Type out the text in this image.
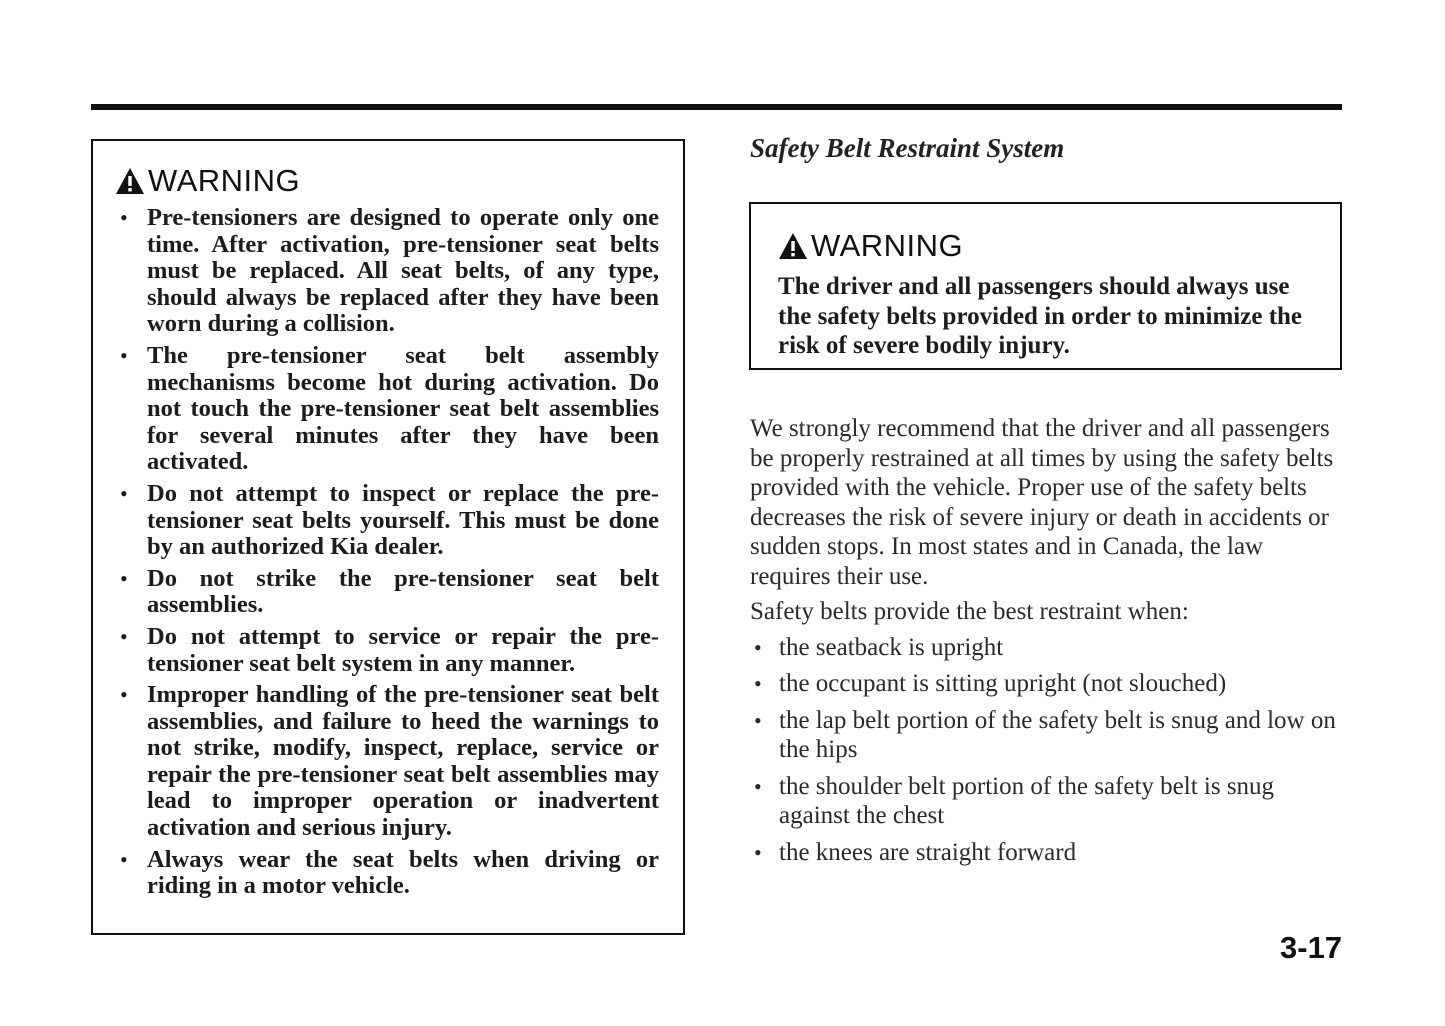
WARNING
• Pre-tensioners are designed to operate only one time. After activation, pre-tensioner seat belts must be replaced. All seat belts, of any type, should always be replaced after they have been worn during a collision.
• The pre-tensioner seat belt assembly mechanisms become hot during activation. Do not touch the pre-tensioner seat belt assemblies for several minutes after they have been activated.
• Do not attempt to inspect or replace the pre-tensioner seat belts yourself. This must be done by an authorized Kia dealer.
• Do not strike the pre-tensioner seat belt assemblies.
• Do not attempt to service or repair the pre-tensioner seat belt system in any manner.
• Improper handling of the pre-tensioner seat belt assemblies, and failure to heed the warnings to not strike, modify, inspect, replace, service or repair the pre-tensioner seat belt assemblies may lead to improper operation or inadvertent activation and serious injury.
• Always wear the seat belts when driving or riding in a motor vehicle.
Safety Belt Restraint System
WARNING
The driver and all passengers should always use the safety belts provided in order to minimize the risk of severe bodily injury.

We strongly recommend that the driver and all passengers be properly restrained at all times by using the safety belts provided with the vehicle. Proper use of the safety belts decreases the risk of severe injury or death in accidents or sudden stops. In most states and in Canada, the law requires their use.

Safety belts provide the best restraint when:

• the seatback is upright
• the occupant is sitting upright (not slouched)
• the lap belt portion of the safety belt is snug and low on the hips
• the shoulder belt portion of the safety belt is snug against the chest
• the knees are straight forward
3-17
